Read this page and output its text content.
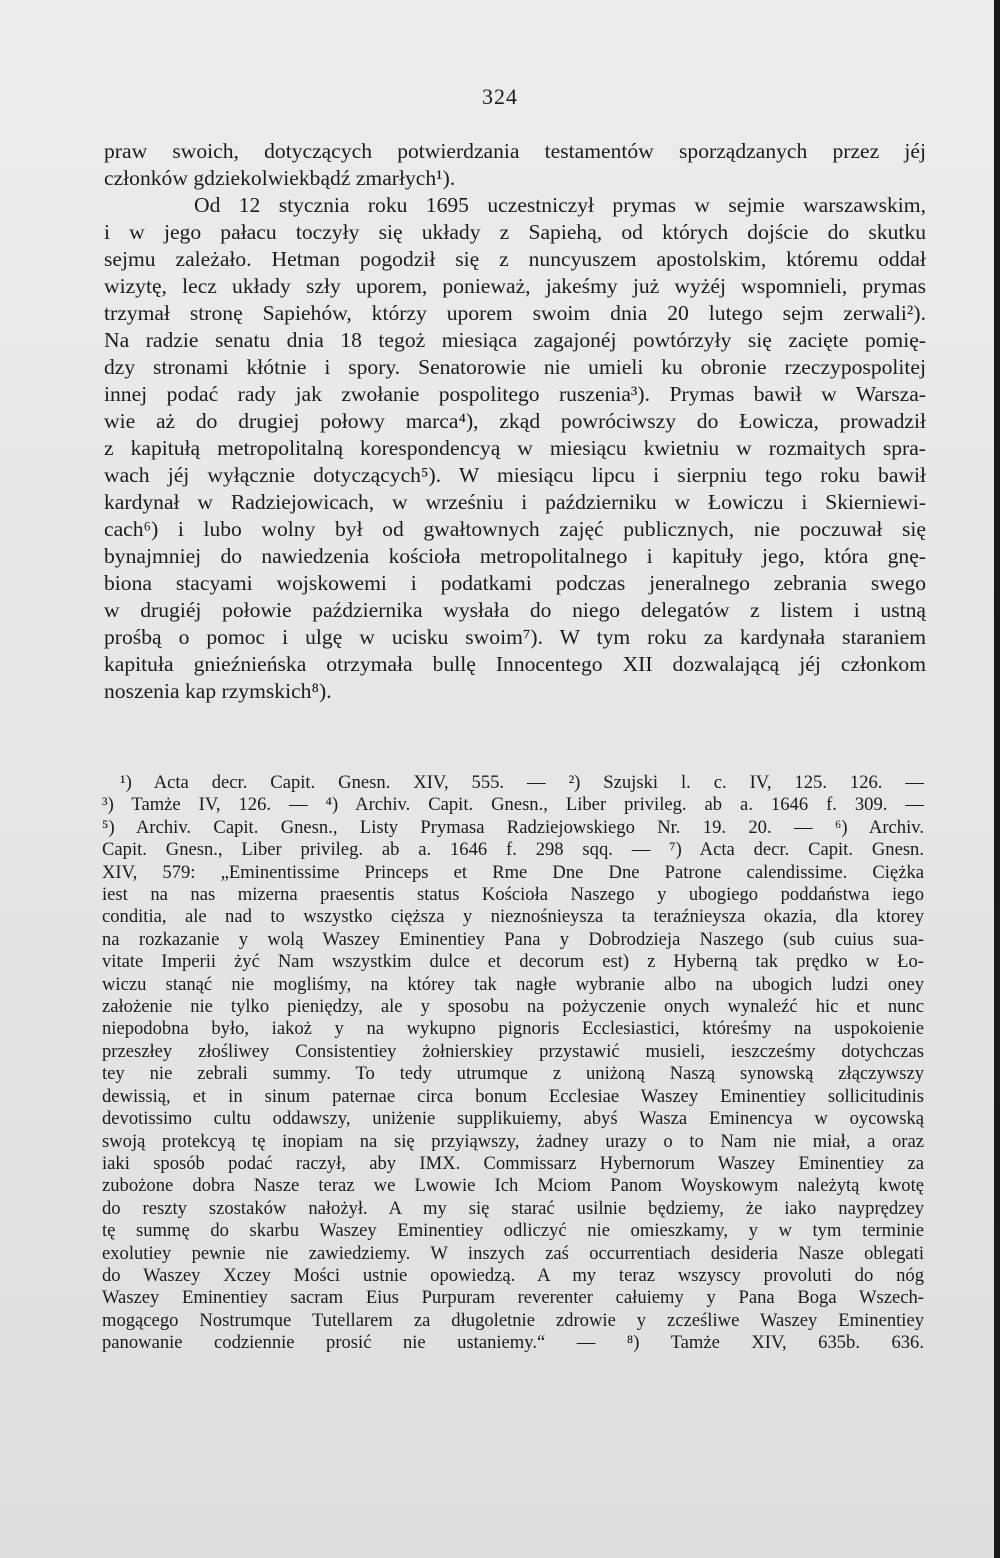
324
praw swoich, dotyczących potwierdzania testamentów sporządzanych przez jéj
członków gdziekolwiekbądź zmarłych¹).
Od 12 stycznia roku 1695 uczestniczył prymas w sejmie warszawskim,
i w jego pałacu toczyły się układy z Sapiehą, od których dojście do skutku
sejmu zależało. Hetman pogodził się z nuncyuszem apostolskim, któremu oddał
wizytę, lecz układy szły uporem, ponieważ, jakeśmy już wyżéj wspomnieli, prymas
trzymał stronę Sapiehów, którzy uporem swoim dnia 20 lutego sejm zerwali²).
Na radzie senatu dnia 18 tegoż miesiąca zagajonéj powtórzyły się zacięte pomię-
dzy stronami kłótnie i spory. Senatorowie nie umieli ku obronie rzeczypospolitej
innej podać rady jak zwołanie pospolitego ruszenia³). Prymas bawił w Warsza-
wie aż do drugiej połowy marca⁴), zkąd powróciwszy do Łowicza, prowadził
z kapitułą metropolitalną korespondencyą w miesiącu kwietniu w rozmaitych spra-
wach jéj wyłącznie dotyczących⁵). W miesiącu lipcu i sierpniu tego roku bawił
kardynał w Radziejowicach, w wrześniu i październiku w Łowiczu i Skierniewi-
cach⁶) i lubo wolny był od gwałtownych zajęć publicznych, nie poczuwał się
bynajmniej do nawiedzenia kościoła metropolitalnego i kapituły jego, która gnę-
biona stacyami wojskowemi i podatkami podczas jeneralnego zebrania swego
w drugiéj połowie października wysłała do niego delegatów z listem i ustną
prośbą o pomoc i ulgę w ucisku swoim⁷). W tym roku za kardynała staraniem
kapituła gnieźnieńska otrzymała bullę Innocentego XII dozwalającą jéj członkom
noszenia kap rzymskich⁸).
¹) Acta decr. Capit. Gnesn. XIV, 555. — ²) Szujski l. c. IV, 125. 126. —
³) Tamże IV, 126. — ⁴) Archiv. Capit. Gnesn., Liber privileg. ab a. 1646 f. 309. —
⁵) Archiv. Capit. Gnesn., Listy Prymasa Radziejowskiego Nr. 19. 20. — ⁶) Archiv.
Capit. Gnesn., Liber privileg. ab a. 1646 f. 298 sqq. — ⁷) Acta decr. Capit. Gnesn.
XIV, 579: „Eminentissime Princeps et Rme Dne Dne Patrone calendissime. Ciężka
iest na nas mizerna praesentis status Kościoła Naszego y ubogiego poddaństwa iego
conditia, ale nad to wszystko cięższa y nieznośnieysza ta teraźnieysza okazia, dla ktorey
na rozkazanie y wolą Waszey Eminentiey Pana y Dobrodzieja Naszego (sub cuius sua-
vitate Imperii żyć Nam wszystkim dulce et decorum est) z Hyberną tak prędko w Ło-
wiczu stanąć nie mogliśmy, na którey tak nagłe wybranie albo na ubogich ludzi oney
założenie nie tylko pieniędzy, ale y sposobu na pożyczenie onych wynaleźć hic et nunc
niepodobna było, iakoż y na wykupno pignoris Ecclesiastici, któreśmy na uspokoienie
przeszłey złośliwey Consistentiey żołnierskiey przystawić musieli, ieszcześmy dotychczas
tey nie zebrali summy. To tedy utrumque z uniżoną Naszą synowską złączywszy
dewissią, et in sinum paternae circa bonum Ecclesiae Waszey Eminentiey sollicitudinis
devotissimo cultu oddawszy, uniżenie supplikuiemy, abyś Wasza Eminencya w oycowską
swoją protekcyą tę inopiam na się przyiąwszy, żadney urazy o to Nam nie miał, a oraz
iaki sposób podać raczył, aby IMX. Commissarz Hybernorum Waszey Eminentiey za
zubożone dobra Nasze teraz we Lwowie Ich Mciom Panom Woyskowym należytą kwotę
do reszty szostaków nałożył. A my się starać usilnie będziemy, że iako nayprędzey
tę summę do skarbu Waszey Eminentiey odliczyć nie omieszkamy, y w tym terminie
exolutiey pewnie nie zawiedziemy. W inszych zaś occurrentiach desideria Nasze oblegati
do Waszey Xczey Mości ustnie opowiedzą. A my teraz wszyscy provoluti do nóg
Waszey Eminentiey sacram Eius Purpuram reverenter całuiemy y Pana Boga Wszech-
mogącego Nostrumque Tutellarem za długoletnie zdrowie y zcześliwe Waszey Eminentiey
panowanie codziennie prosić nie ustaniemy.“ — ⁸) Tamże XIV, 635b. 636.
